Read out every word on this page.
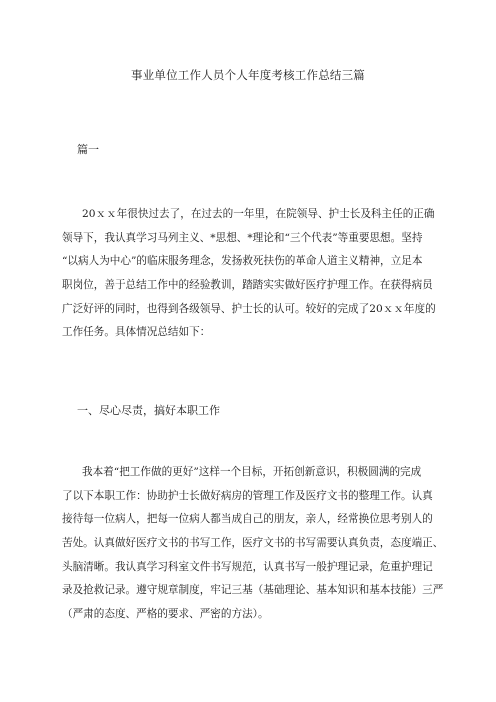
事业单位工作人员个人年度考核工作总结三篇
篇一
20ｘｘ年很快过去了，在过去的一年里，在院领导、护士长及科主任的正确
领导下，我认真学习马列主义、*思想、*理论和“三个代表”等重要思想。坚持
“以病人为中心”的临床服务理念，发扬救死扶伤的革命人道主义精神，立足本
职岗位，善于总结工作中的经验教训，踏踏实实做好医疗护理工作。在获得病员
广泛好评的同时，也得到各级领导、护士长的认可。较好的完成了20ｘｘ年度的
工作任务。具体情况总结如下：
一、尽心尽责，搞好本职工作
我本着“把工作做的更好”这样一个目标，开拓创新意识，积极圆满的完成
了以下本职工作：协助护士长做好病房的管理工作及医疗文书的整理工作。认真
接待每一位病人，把每一位病人都当成自己的朋友，亲人，经常换位思考别人的
苦处。认真做好医疗文书的书写工作，医疗文书的书写需要认真负责，态度端正、
头脑清晰。我认真学习科室文件书写规范，认真书写一般护理记录，危重护理记
录及抢救记录。遵守规章制度，牢记三基（基础理论、基本知识和基本技能）三严
（严肃的态度、严格的要求、严密的方法）。
